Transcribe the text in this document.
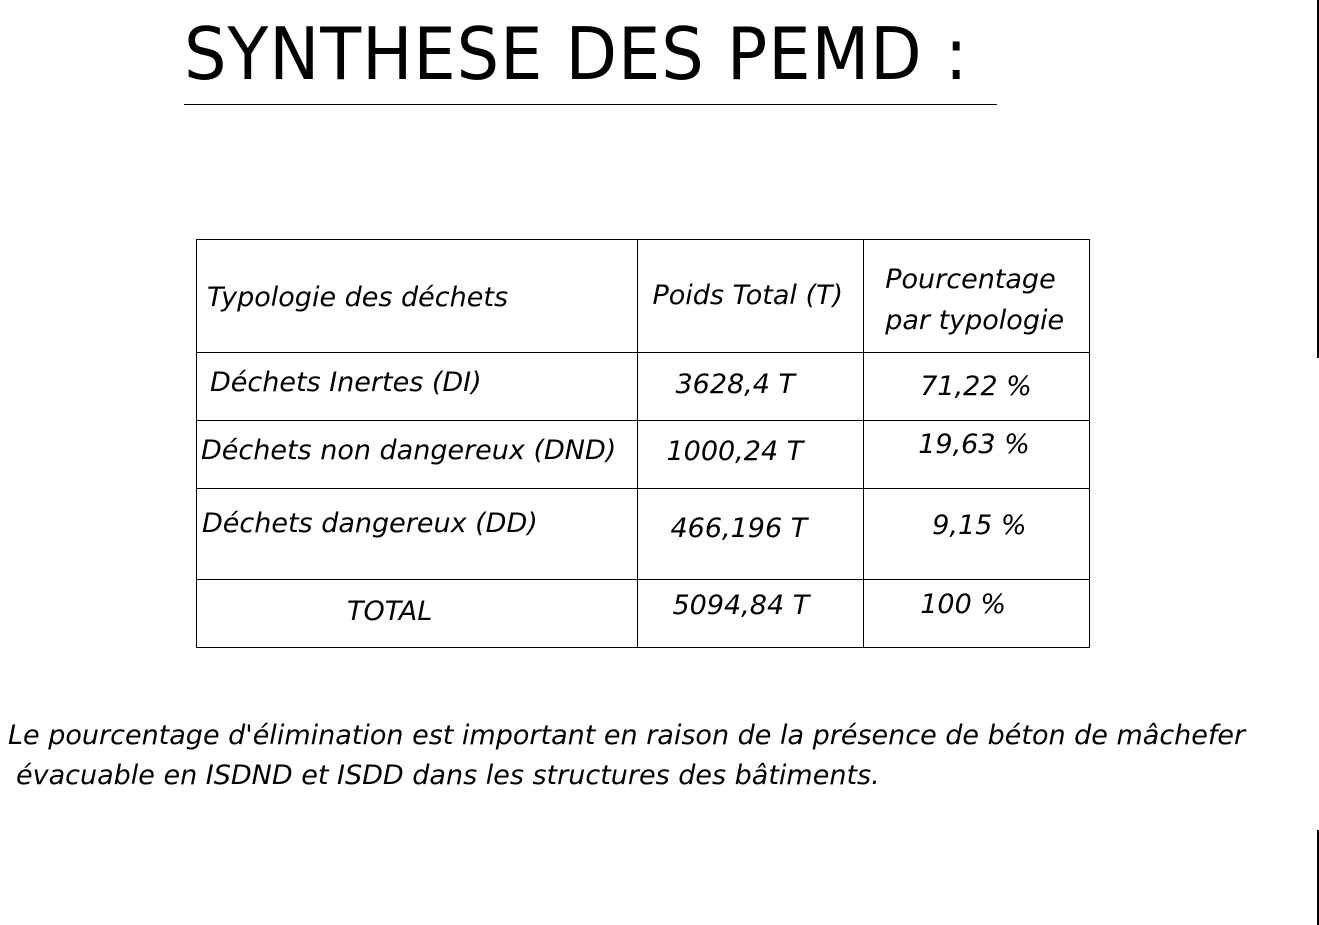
SYNTHESE DES PEMD :
Typologie des déchets	Poids Total (T)	Pourcentage
par typologie

Déchets Inertes (DI)	3628,4 T	71,22 %

Déchets non dangereux (DND)	1000,24 T	19,63 %

Déchets dangereux (DD)	466,196 T	9,15 %

TOTAL	5094,84 T	100 %
Le pourcentage d'élimination est important en raison de la présence de béton de mâchefer
évacuable en ISDND et ISDD dans les structures des bâtiments.
